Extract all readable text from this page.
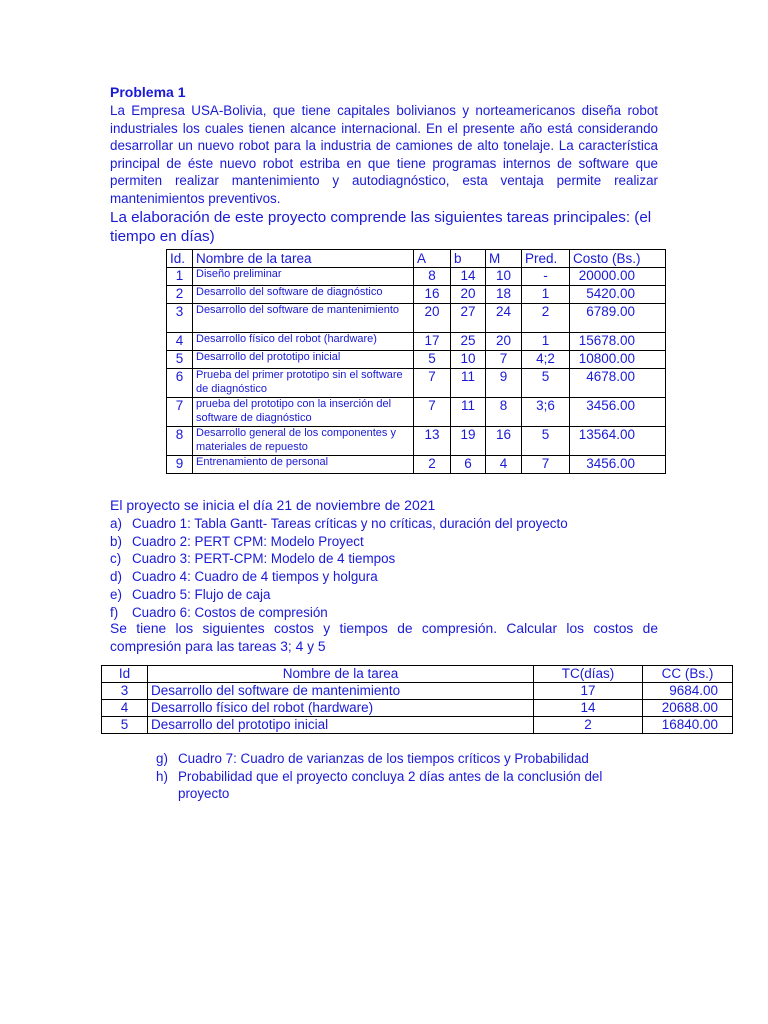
Problema 1

La Empresa USA-Bolivia, que tiene capitales bolivianos y norteamericanos diseña robot industriales los cuales tienen alcance internacional. En el presente año está considerando desarrollar un nuevo robot para la industria de camiones de alto tonelaje. La característica principal de éste nuevo robot estriba en que tiene programas internos de software que permiten realizar mantenimiento y autodiagnóstico, esta ventaja permite realizar mantenimientos preventivos.

La elaboración de este proyecto comprende las siguientes tareas principales: (el tiempo en días)

Id.	Nombre de la tarea	A	b	M	Pred.	Costo (Bs.)
1	Diseño preliminar	8	14	10	-	20000.00
2	Desarrollo del software de diagnóstico	16	20	18	1	5420.00
3	Desarrollo del software de mantenimiento	20	27	24	2	6789.00
4	Desarrollo físico del robot (hardware)	17	25	20	1	15678.00
5	Desarrollo del prototipo inicial	5	10	7	4;2	10800.00
6	Prueba del primer prototipo sin el software de diagnóstico	7	11	9	5	4678.00
7	prueba del prototipo con la inserción del software de diagnóstico	7	11	8	3;6	3456.00
8	Desarrollo general de los componentes y materiales de repuesto	13	19	16	5	13564.00
9	Entrenamiento de personal	2	6	4	7	3456.00
El proyecto se inicia el día 21 de noviembre de 2021
a) Cuadro 1: Tabla Gantt- Tareas críticas y no críticas, duración del proyecto
b) Cuadro 2: PERT CPM: Modelo Proyect
c) Cuadro 3: PERT-CPM: Modelo de 4 tiempos
d) Cuadro 4: Cuadro de 4 tiempos y holgura
e) Cuadro 5: Flujo de caja
f) Cuadro 6: Costos de compresión

Se tiene los siguientes costos y tiempos de compresión. Calcular los costos de compresión para las tareas 3; 4 y 5

Id	Nombre de la tarea	TC(días)	CC (Bs.)
3	Desarrollo del software de mantenimiento	17	9684.00
4	Desarrollo físico del robot (hardware)	14	20688.00
5	Desarrollo del prototipo inicial	2	16840.00
g) Cuadro 7: Cuadro de varianzas de los tiempos críticos y Probabilidad
h) Probabilidad que el proyecto concluya 2 días antes de la conclusión del proyecto
